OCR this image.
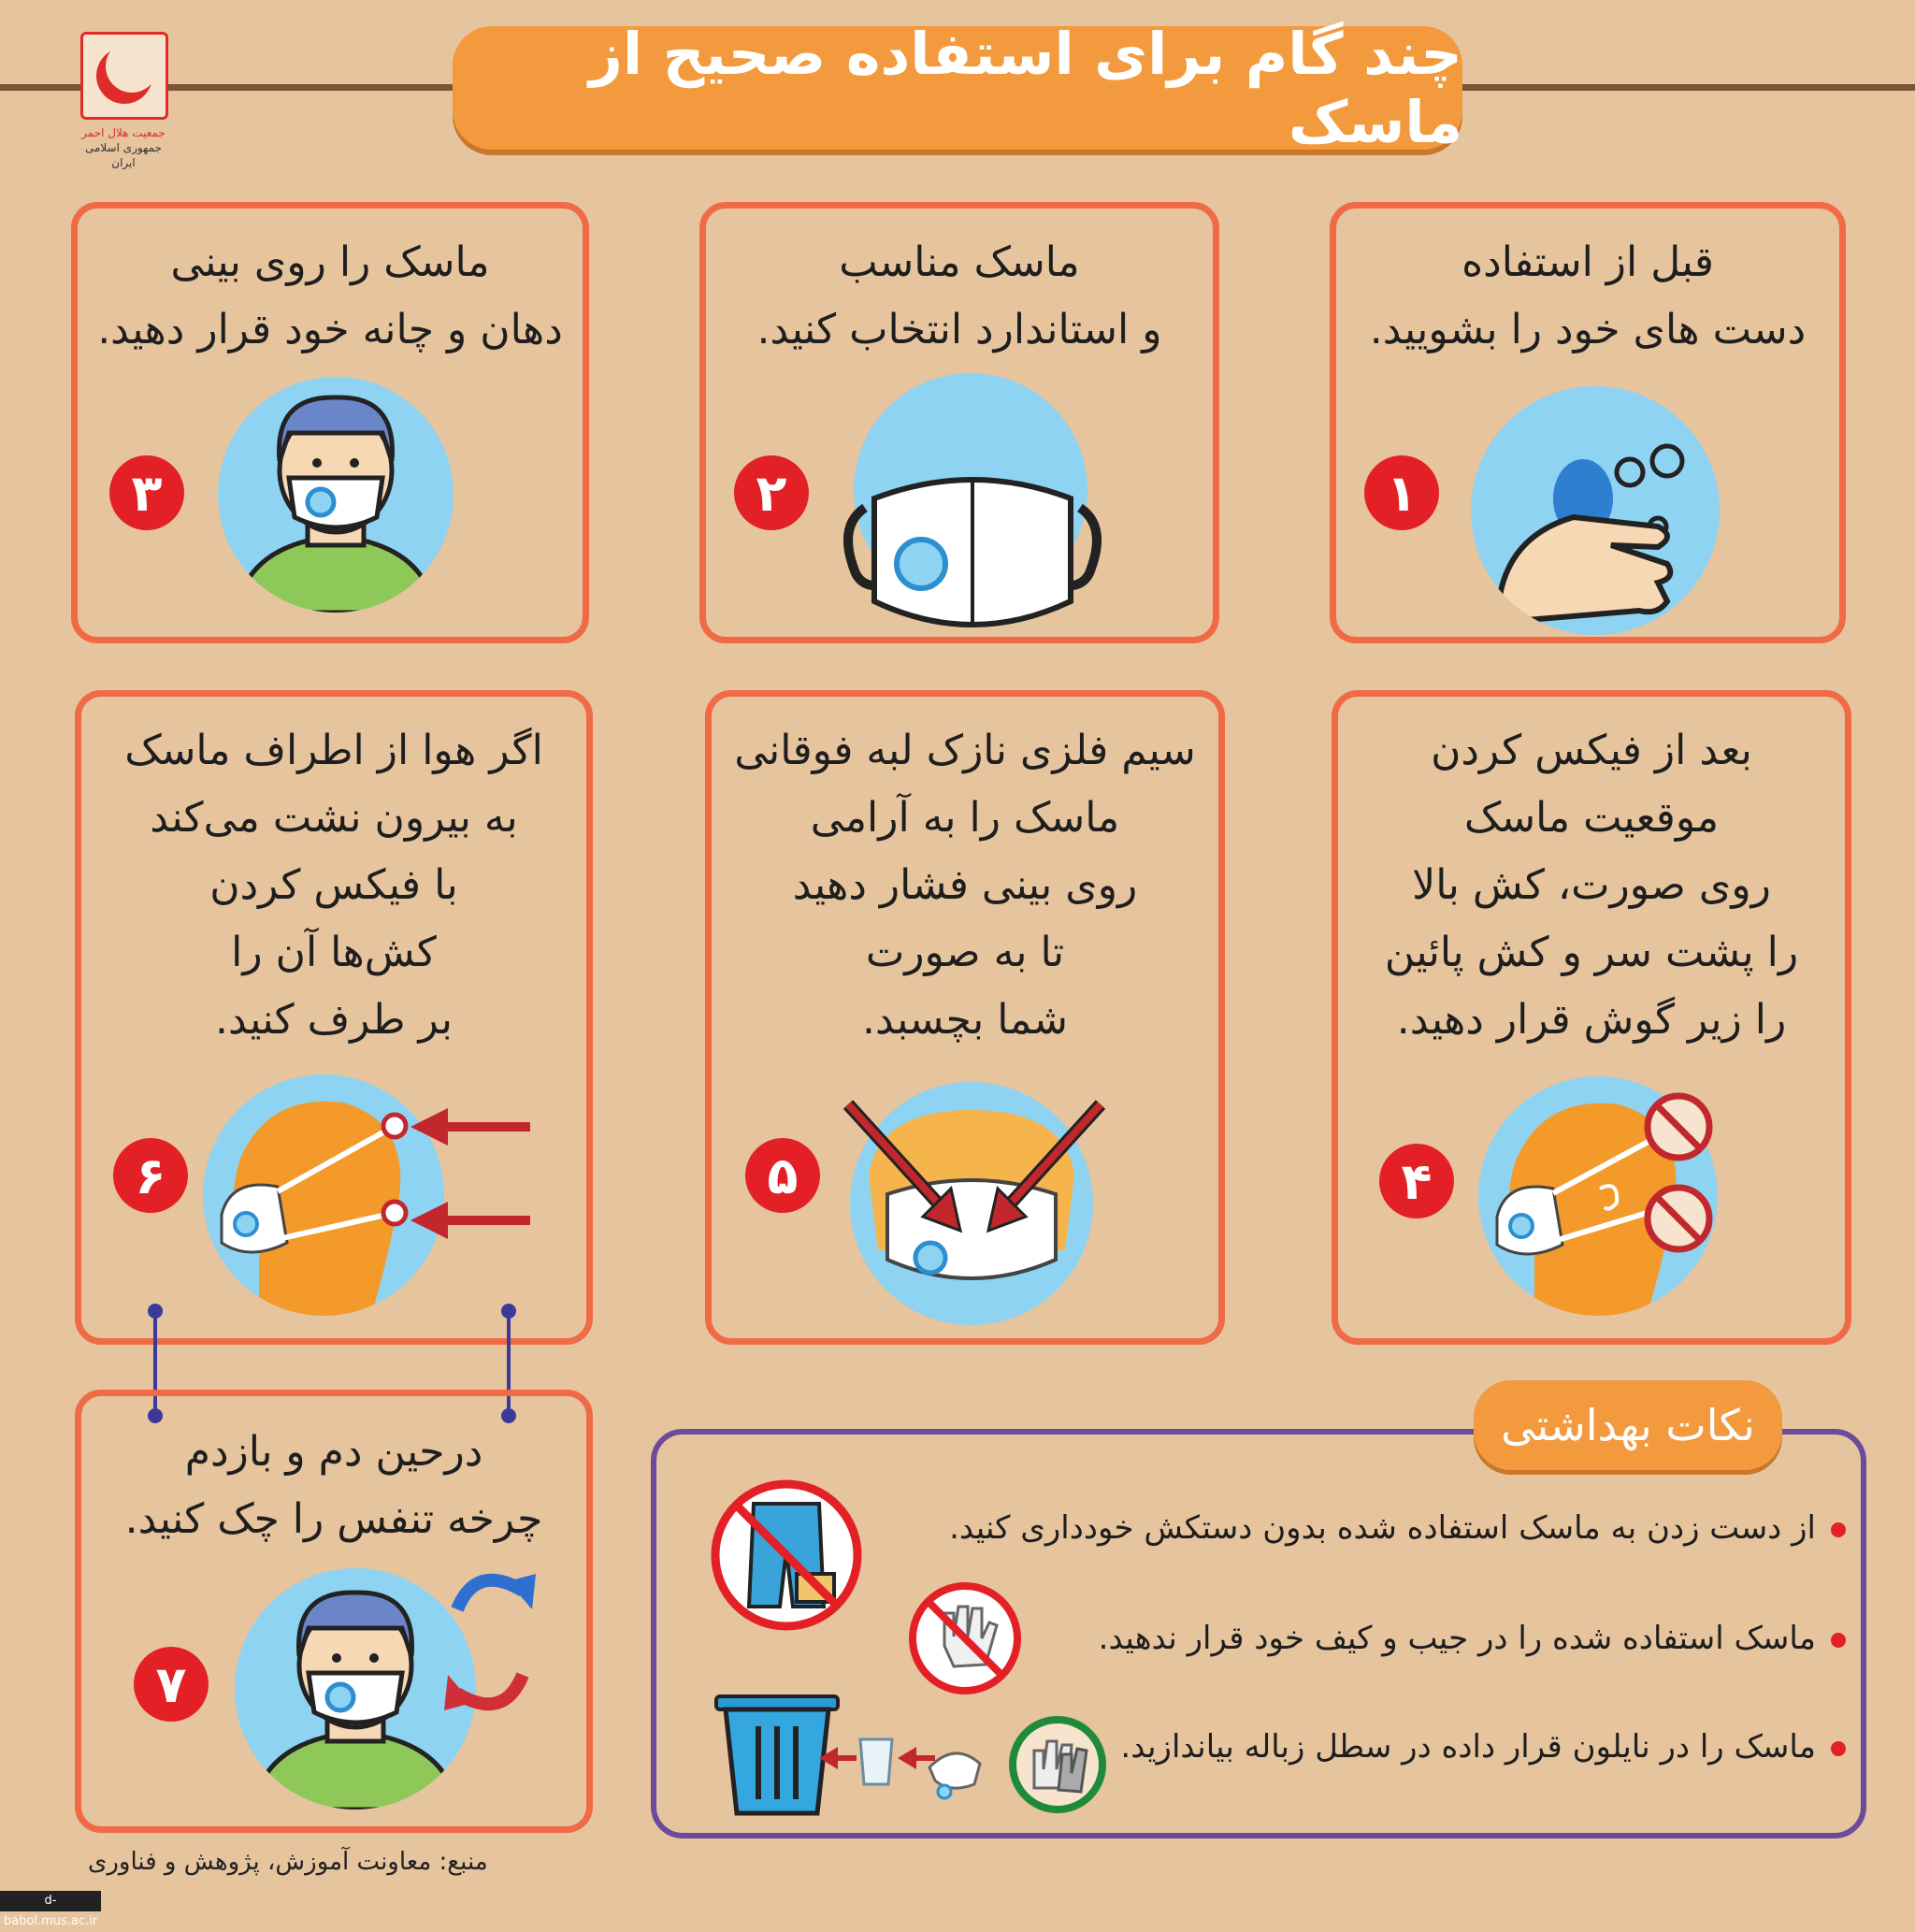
جمعیت هلال احمر
جمهوری اسلامی ایران
چند گام برای استفاده صحیح از ماسک
قبل از استفاده
دست های خود را بشویید.
۱
ماسک مناسب
و استاندارد انتخاب کنید.
۲
ماسک را روی بینی
دهان و چانه خود قرار دهید.
۳
بعد از فیکس کردن
موقعیت ماسک
روی صورت، کش بالا
را پشت سر و کش پائین
را زیر گوش قرار دهید.
۴
سیم فلزی نازک لبه فوقانی
ماسک را به آرامی
روی بینی فشار دهید
تا به صورت
شما بچسبد.
۵
اگر هوا از اطراف ماسک
به بیرون نشت می‌کند
با فیکس کردن
کش‌ها آن را
بر طرف کنید.
۶
درحین دم و بازدم
چرخه تنفس را چک کنید.
۷
نکات بهداشتی
از دست زدن به ماسک استفاده شده بدون دستکش خودداری کنید.
ماسک استفاده شده را در جیب و کیف خود قرار ندهید.
ماسک را در نایلون قرار داده در سطل زباله بیاندازید.
منبع: معاونت آموزش، پژوهش و فناوری
d-babol.mus.ac.ir
